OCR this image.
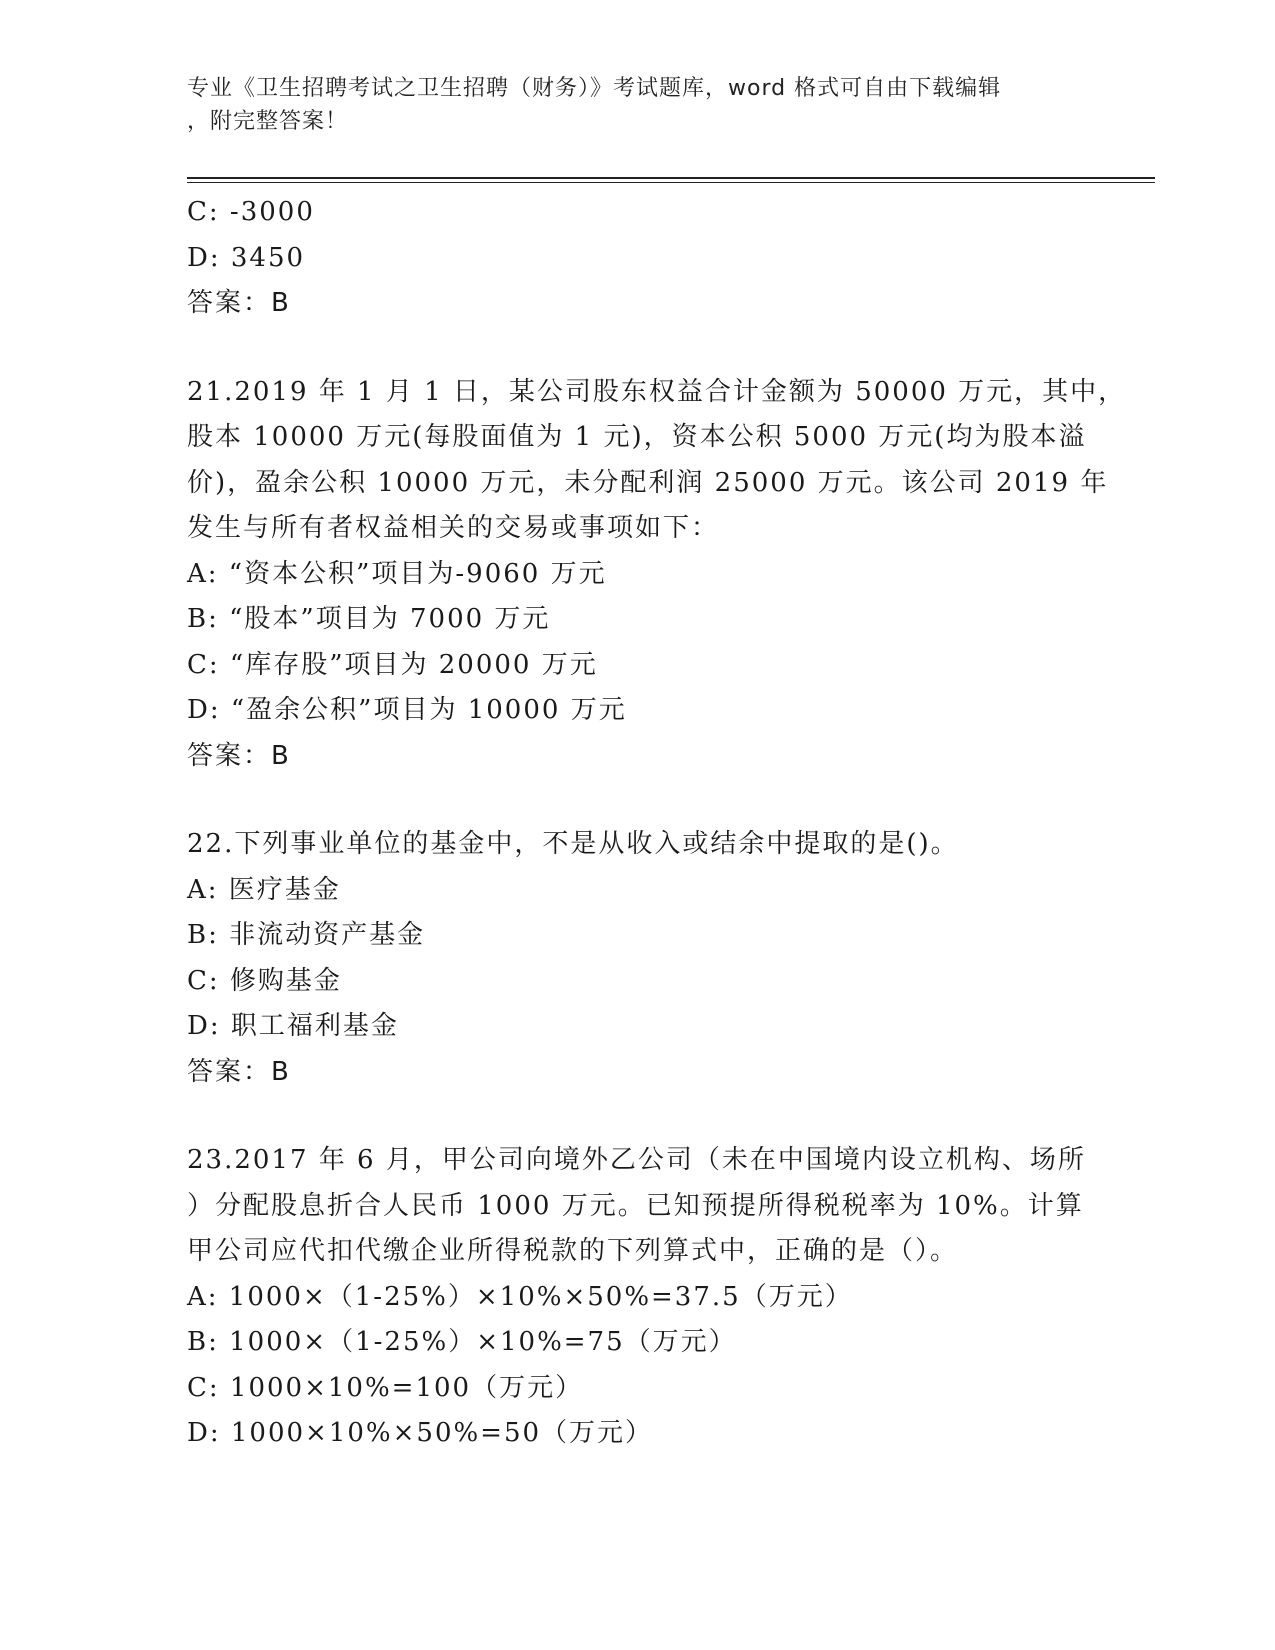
专业《卫生招聘考试之卫生招聘（财务）》考试题库，word 格式可自由下载编辑
，附完整答案！
C: -3000
D: 3450
答案：B
21.2019 年 1 月 1 日，某公司股东权益合计金额为 50000 万元，其中，
股本 10000 万元(每股面值为 1 元)，资本公积 5000 万元(均为股本溢
价)，盈余公积 10000 万元，未分配利润 25000 万元。该公司 2019 年
发生与所有者权益相关的交易或事项如下：
A: “资本公积”项目为-9060 万元
B: “股本”项目为 7000 万元
C: “库存股”项目为 20000 万元
D: “盈余公积”项目为 10000 万元
答案：B
22.下列事业单位的基金中，不是从收入或结余中提取的是()。
A: 医疗基金
B: 非流动资产基金
C: 修购基金
D: 职工福利基金
答案：B
23.2017 年 6 月，甲公司向境外乙公司（未在中国境内设立机构、场所
）分配股息折合人民币 1000 万元。已知预提所得税税率为 10%。计算
甲公司应代扣代缴企业所得税款的下列算式中，正确的是（）。
A: 1000×（1-25%）×10%×50%=37.5（万元）
B: 1000×（1-25%）×10%=75（万元）
C: 1000×10%=100（万元）
D: 1000×10%×50%=50（万元）
